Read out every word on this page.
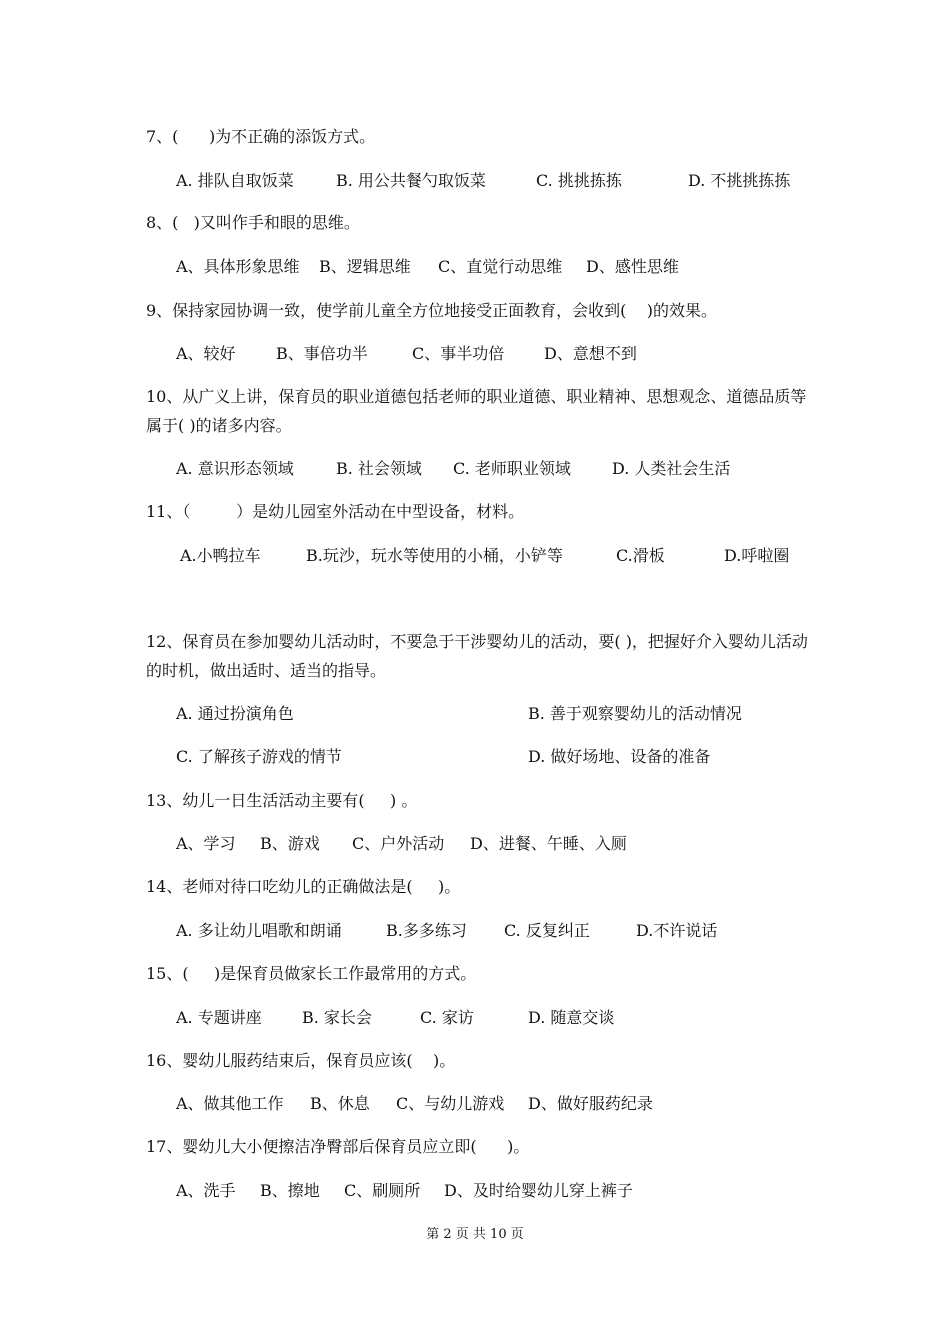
7、(      )为不正确的添饭方式。

A. 排队自取饭菜

	B. 用公共餐勺取饭菜

	C. 挑挑拣拣

	D. 不挑挑拣拣

8、(   )又叫作手和眼的思维。

A、具体形象思维

B、逻辑思维

C、直觉行动思维

D、感性思维

9、保持家园协调一致，使学前儿童全方位地接受正面教育，会收到(    )的效果。

A、较好

	B、事倍功半

	C、事半功倍

D、意想不到

10、从广义上讲，保育员的职业道德包括老师的职业道德、职业精神、思想观念、道德品质等属于( )的诸多内容。

A. 意识形态领域

	B. 社会领域

C. 老师职业领域

	D. 人类社会生活

11、（         ）是幼儿园室外活动在中型设备，材料。

A.小鸭拉车

	B.玩沙，玩水等使用的小桶，小铲等

	C.滑板

	D.呼啦圈

12、保育员在参加婴幼儿活动时，不要急于干涉婴幼儿的活动，要( )，把握好介入婴幼儿活动的时机，做出适时、适当的指导。

A. 通过扮演角色

	B. 善于观察婴幼儿的活动情况

C. 了解孩子游戏的情节

	D. 做好场地、设备的准备

13、幼儿一日生活活动主要有(     ) 。

A、学习

B、游戏

C、户外活动

D、进餐、午睡、入厕

14、老师对待口吃幼儿的正确做法是(     )。

A. 多让幼儿唱歌和朗诵

	B.多多练习

C. 反复纠正

	D.不许说话

15、(     )是保育员做家长工作最常用的方式。

A. 专题讲座

	B. 家长会

	C. 家访

	D. 随意交谈

16、婴幼儿服药结束后，保育员应该(    )。

A、做其他工作

B、休息

C、与幼儿游戏

D、做好服药纪录

17、婴幼儿大小便擦洁净臀部后保育员应立即(      )。

A、洗手

B、擦地

C、刷厕所

D、及时给婴幼儿穿上裤子

第 2 页 共 10 页
